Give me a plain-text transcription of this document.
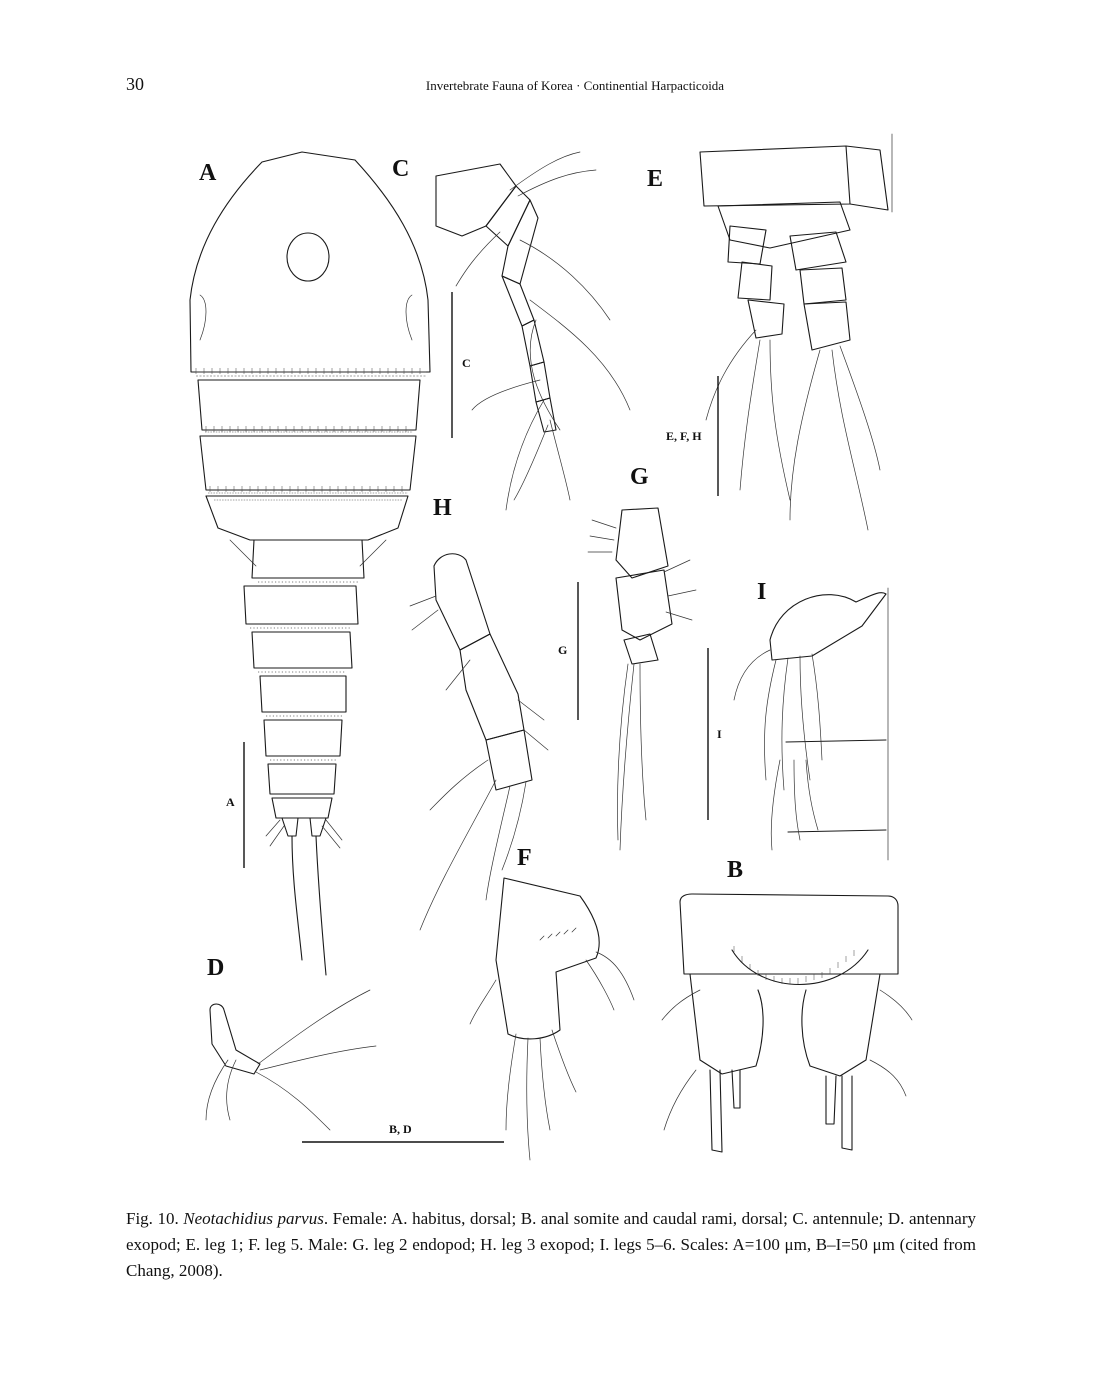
30	Invertebrate Fauna of Korea · Continential Harpacticoida
A
A
C
C
E
E, F, H
G
G
H
I
I
F	B
D
B, D
Fig. 10. Neotachidius parvus. Female: A. habitus, dorsal; B. anal somite and caudal rami, dorsal; C. antennule; D. antennary exopod; E. leg 1; F. leg 5. Male: G. leg 2 endopod; H. leg 3 exopod; I. legs 5–6. Scales: A=100 μm, B–I=50 μm (cited from Chang, 2008).
